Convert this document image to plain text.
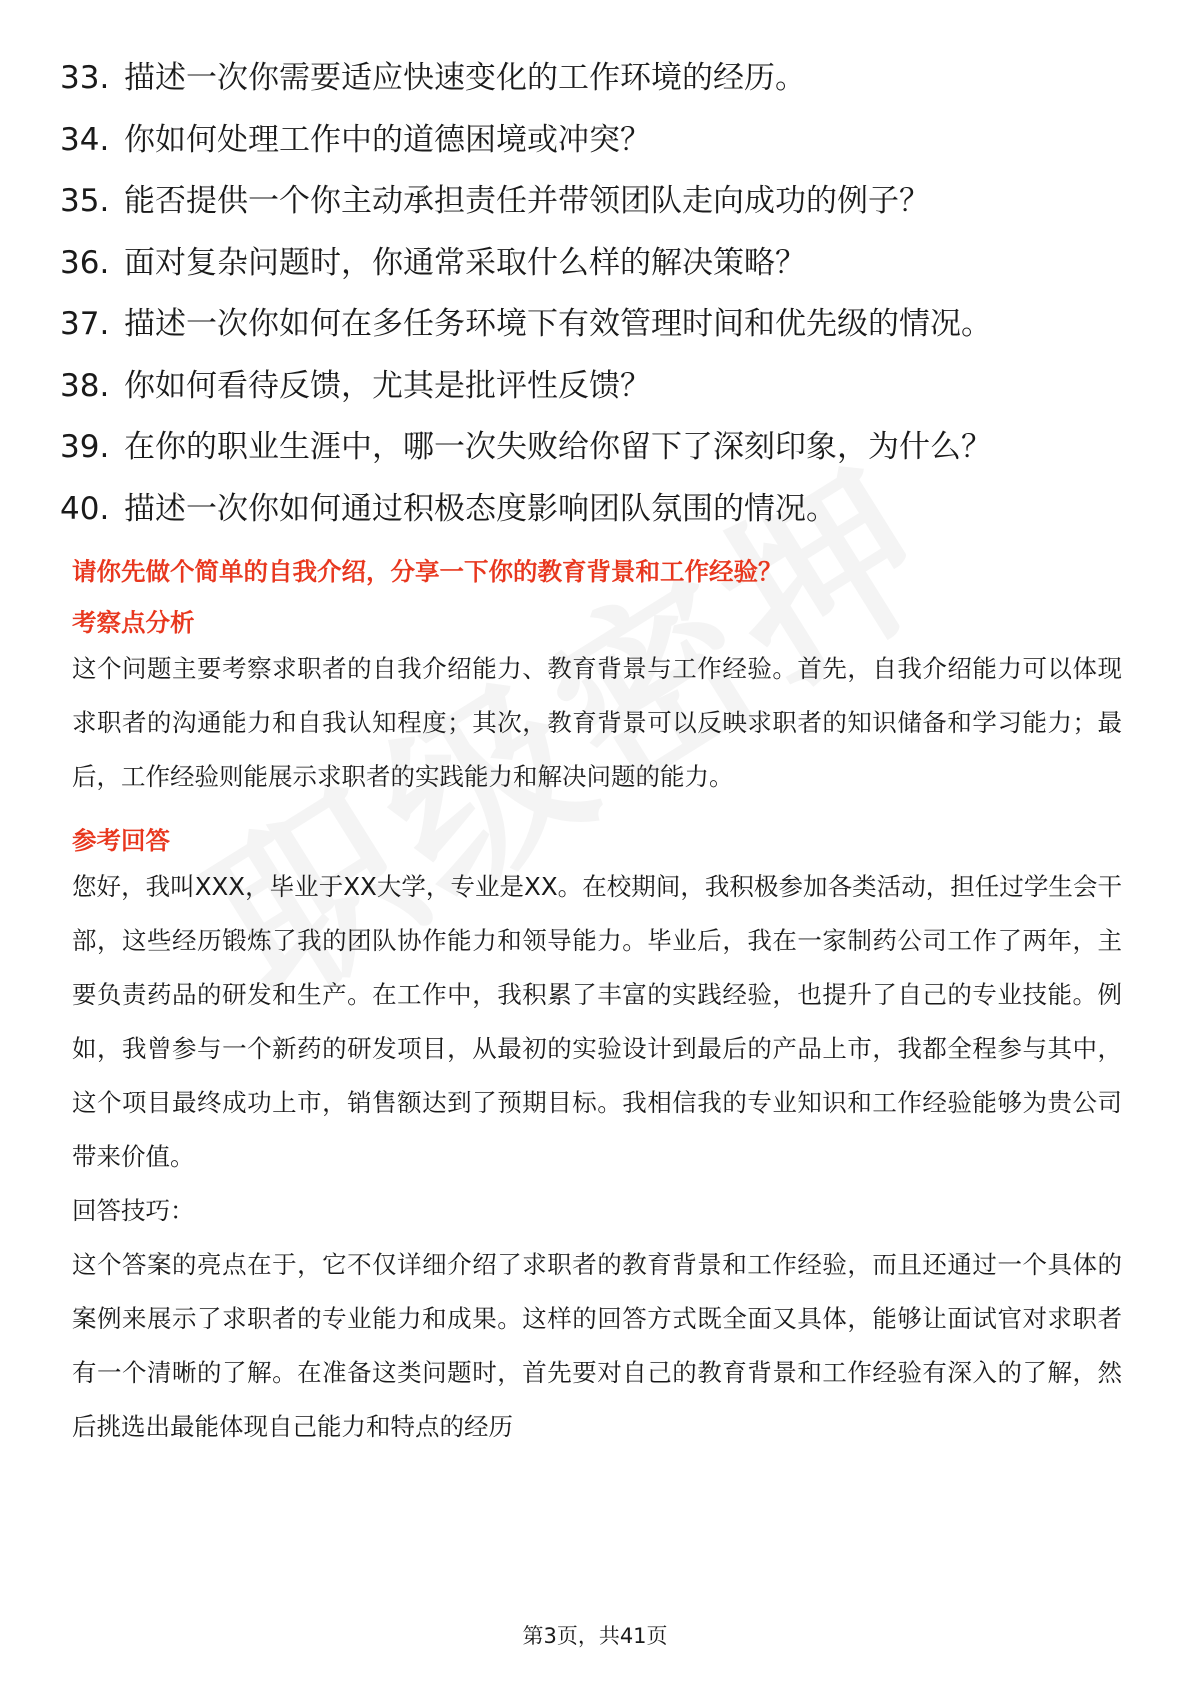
33. 描述一次你需要适应快速变化的工作环境的经历。
34. 你如何处理工作中的道德困境或冲突？
35. 能否提供一个你主动承担责任并带领团队走向成功的例子？
36. 面对复杂问题时，你通常采取什么样的解决策略？
37. 描述一次你如何在多任务环境下有效管理时间和优先级的情况。
38. 你如何看待反馈，尤其是批评性反馈？
39. 在你的职业生涯中，哪一次失败给你留下了深刻印象，为什么？
40. 描述一次你如何通过积极态度影响团队氛围的情况。

请你先做个简单的自我介绍，分享一下你的教育背景和工作经验？

考察点分析

这个问题主要考察求职者的自我介绍能力、教育背景与工作经验。首先，自我介绍能力可以体现求职者的沟通能力和自我认知程度；其次，教育背景可以反映求职者的知识储备和学习能力；最后，工作经验则能展示求职者的实践能力和解决问题的能力。

参考回答

您好，我叫XXX，毕业于XX大学，专业是XX。在校期间，我积极参加各类活动，担任过学生会干部，这些经历锻炼了我的团队协作能力和领导能力。毕业后，我在一家制药公司工作了两年，主要负责药品的研发和生产。在工作中，我积累了丰富的实践经验，也提升了自己的专业技能。例如，我曾参与一个新药的研发项目，从最初的实验设计到最后的产品上市，我都全程参与其中，这个项目最终成功上市，销售额达到了预期目标。我相信我的专业知识和工作经验能够为贵公司带来价值。

回答技巧：

这个答案的亮点在于，它不仅详细介绍了求职者的教育背景和工作经验，而且还通过一个具体的案例来展示了求职者的专业能力和成果。这样的回答方式既全面又具体，能够让面试官对求职者有一个清晰的了解。在准备这类问题时，首先要对自己的教育背景和工作经验有深入的了解，然后挑选出最能体现自己能力和特点的经历

第3页，共41页
